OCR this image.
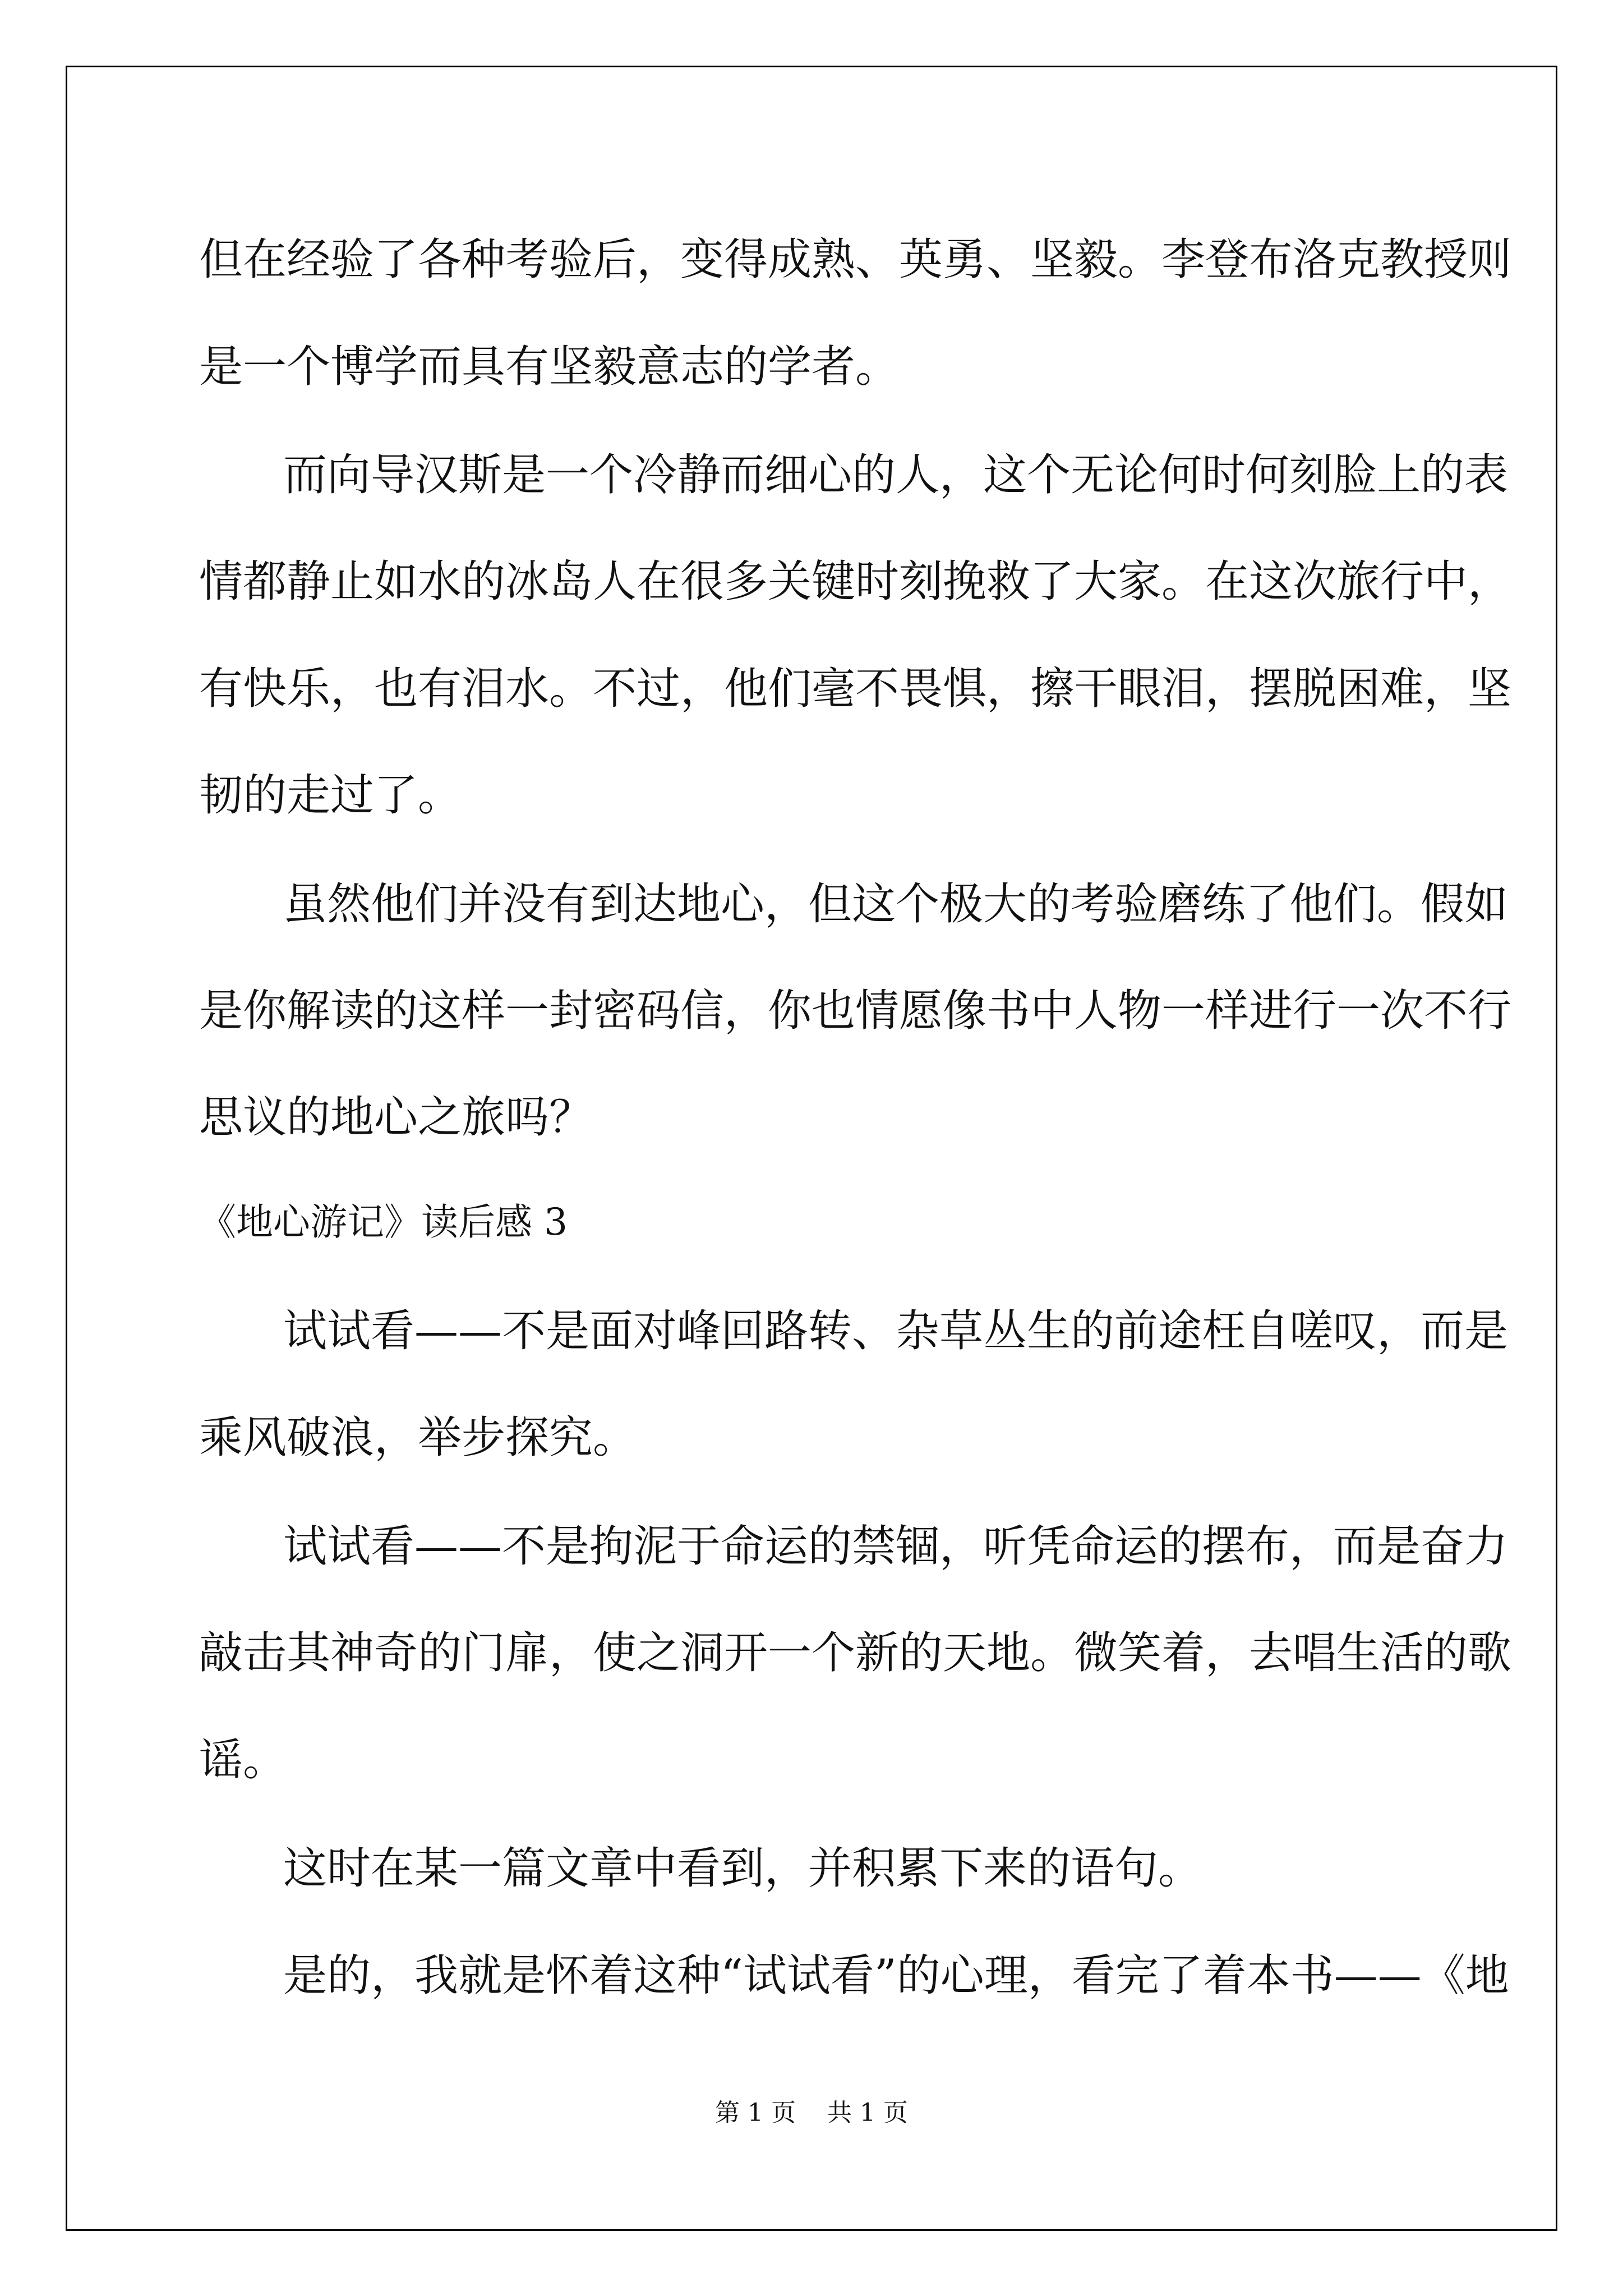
但在经验了各种考验后，变得成熟、英勇、坚毅。李登布洛克教授则

是一个博学而具有坚毅意志的学者。

而向导汉斯是一个冷静而细心的人，这个无论何时何刻脸上的表

情都静止如水的冰岛人在很多关键时刻挽救了大家。在这次旅行中，

有快乐，也有泪水。不过，他们毫不畏惧，擦干眼泪，摆脱困难，坚

韧的走过了。

虽然他们并没有到达地心，但这个极大的考验磨练了他们。假如

是你解读的这样一封密码信，你也情愿像书中人物一样进行一次不行

思议的地心之旅吗？

《地心游记》读后感 3

试试看——不是面对峰回路转、杂草丛生的前途枉自嗟叹，而是

乘风破浪，举步探究。

试试看——不是拘泥于命运的禁锢，听凭命运的摆布，而是奋力

敲击其神奇的门扉，使之洞开一个新的天地。微笑着，去唱生活的歌

谣。

这时在某一篇文章中看到，并积累下来的语句。

是的，我就是怀着这种“试试看”的心理，看完了着本书——《地

第 1 页    共 1 页
